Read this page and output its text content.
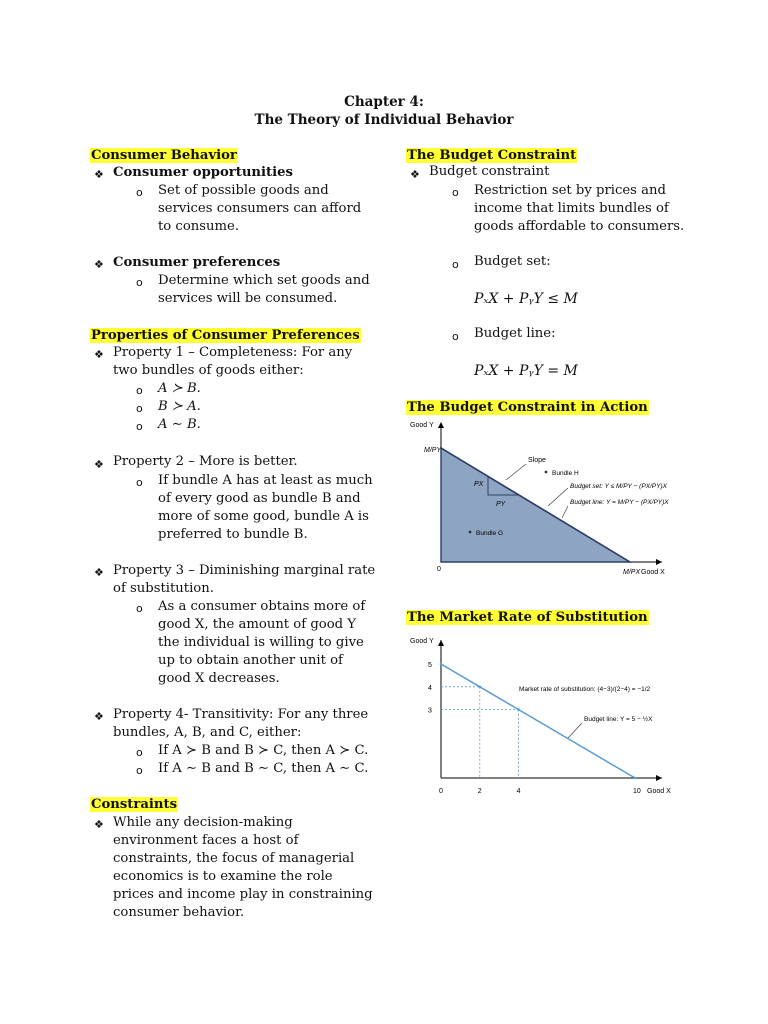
Chapter 4:
The Theory of Individual Behavior
Consumer Behavior
❖ Consumer opportunities
o Set of possible goods and
services consumers can afford
to consume.
❖ Consumer preferences
o Determine which set goods and
services will be consumed.
Properties of Consumer Preferences
❖ Property 1 – Completeness: For any
two bundles of goods either:
o
o
o
A ≻ B.
B ≻ A.
A ∼ B.
❖ Property 2 – More is better.
o If bundle A has at least as much
of every good as bundle B and
more of some good, bundle A is
preferred to bundle B.
❖ Property 3 – Diminishing marginal rate
of substitution.
o As a consumer obtains more of
good X, the amount of good Y
the individual is willing to give
up to obtain another unit of
good X decreases.
❖ Property 4- Transitivity: For any three
bundles, A, B, and C, either:
o
o
If A ≻ B and B ≻ C, then A ≻ C.
If A ∼ B and B ∼ C, then A ∼ C.
Constraints
❖ While any decision-making
environment faces a host of
constraints, the focus of managerial
economics is to examine the role
prices and income play in constraining
consumer behavior.
The Budget Constraint
❖ Budget constraint
o Restriction set by prices and
income that limits bundles of
goods affordable to consumers.
o Budget set:
PₓX + PᵧY ≤ M
o Budget line:
PₓX + PᵧY = M
The Budget Constraint in Action
Good Y
M/PY
0	M/PX Good X
Slope
PX
PY
Bundle H
Bundle G
Budget set: Y ≤ M/PY − (PX/PY)X
Budget line: Y = M/PY − (PX/PY)X
The Market Rate of Substitution
0	2	4	10
5
4
3
Good Y
Good X
Market rate of substitution: (4−3)/(2−4) = −1/2
Budget line: Y = 5 − ½X
